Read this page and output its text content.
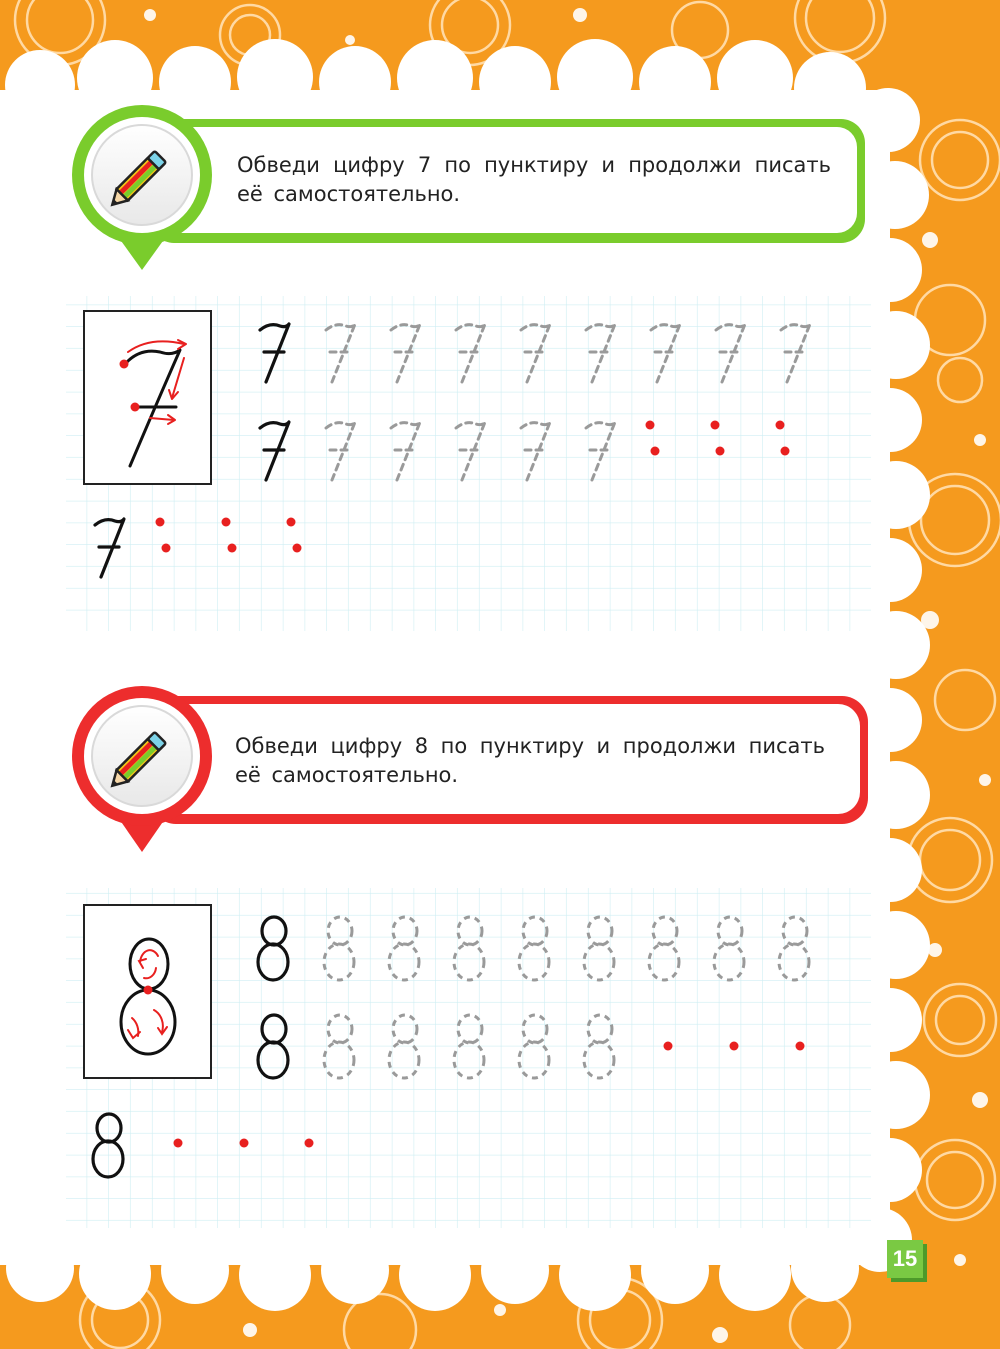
Обведи цифру 7 по пунктиру и продолжи писать её самостоятельно.
Обведи цифру 8 по пунктиру и продолжи писать её самостоятельно.
15
